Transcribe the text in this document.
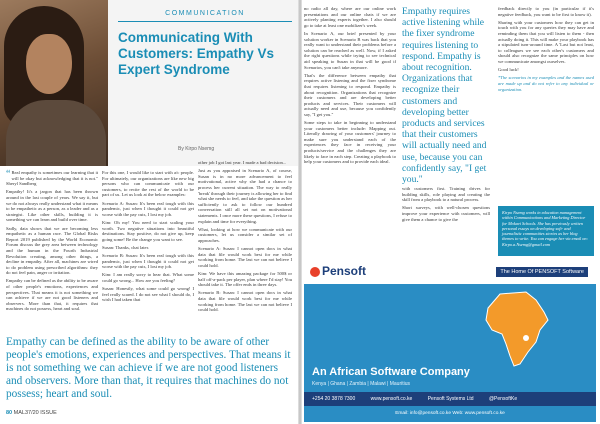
COMMUNICATION
Communicating With Customers: Empathy Vs Expert Syndrome
By Kirpo Nsemg

“ Real empathy is sometimes our learning that it will be okay but acknowledging that it is not." Sheryl Sandberg

Empathy! It's a jargon that has been thrown around in the last couple of years. We say it, but we do not always really understand what it means to be empathetic as a person, as a leader and as a strategist. Like other skills, building it is something we can learn and build over time.

Sadly, data shows that we are becoming less empathetic as a human race. The Global Risks Report 2019 published by the World Economic Forum discuss the grey area between technology and the human in the Fourth Industrial Revolution creating, among other things, a decline in empathy. After all, machines are wired to do problem using prescribed algorithms: they do not feel pain, anger or irritation.

Empathy can be defined as the ability to be aware of other people's emotions, experiences and perspectives. That means it is not something we can achieve if we are not good listeners and observers. More than that, it requires that machines do not possess, heart and soul.

For this one, I would like to start with a/c people. For ultimately, our organizations are like new big persons who can communicate with our customers, to recite the rest of the world to be part of us. Let us look at the below examples:

Scenario A: Susan: It's been real tough with this pandemic, just when I thought it could not get worse with the pay cuts, I lost my job.

Kim: Oh my! You need to start scaling your worth. Two negative situations into beautiful destinations. Stay positive, do not give up, keep going some! Be the change you want to see.

Susan: Thanks, chat later.

Scenario B: Susan: It's been real tough with this pandemic, just when I thought it could not get worse with the pay cuts, I lost my job.

Kim: I am really sorry to hear that. What some could go wrong... How are you feeling?

Susan: Honestly, what some could go wrong! I feel really scared. I do not see what I should do, I wish I had taken that

other job I got last year. I made a bad decision...

Just as you appraised in Scenario A, of course, Susan is in no more advancement to feel motivational, active why she had a chance to process her current situation. The way to really 'break' through their journey is allowing her to find what she needs to feel, and take the question as her sufficiently to ask to follow our hundred conversation still all set not on motivational statements. I once more these questions, I refuse to explain and time for everything.

What, looking at how we communicate with our customers, let us consider a similar set of approaches.

Scenario A: Susan: I cannot open docs in what data that file would work best for me while working from home. The last we can not believe I could hold.

Kim: We have this amazing package for 500$ or half off-a-pack per player, plan where I'd stay! You should take it. The offer ends in three days.

Scenario B: Susan: I cannot open docs in what data that file would work best for me while working from home. The last we can not believe I could hold.

Empathy can be defined as the ability to be aware of other people's emotions, experiences and perspectives. That means it is not something we can achieve if we are not good listeners and observers. More than that, it requires that machines do not possess; heart and soul.
80 MAL37/20 ISSUE

no radio all day, where are our online work presentations and our online chats if we are actively planting experts together. I also should go to take at least one mobilizer's week.

In Scenario A, our brief presented by your solution worker in Scenario B was back that you really want to understand their problems before a solution can be reached as well. Now, if I asked the right questions while trying to see technical aid speaking to Susan in that will be good if Scenarios, you can't take anymore.

That's the difference between empathy that requires active listening and the fixer syndrome that requires listening to respond. Empathy is about recognition. Organizations that recognize their customers and are developing better products and services. Their customers will actually need and use, because you confidently say, "I get you."

Some steps to take in beginning to understand your customers better include: Mapping out. Literally drawing of your customers' journey to make sure you understand each of the experiences they face in receiving your products/service and the challenges they are likely to face in each step. Creating a playbook to help your customers and to provide each ideal.

Empathy requires active listening while the fixer syndrome requires listening to respond. Empathy is about recognition. Organizations that recognize their customers and developing better products and services that their customers will actually need and use, because you can confidently say, "I get you."

with customers first. Training drives for building skills, role playing and creating the skill from a playbook to a natural process.

Short surveys, with well-chosen questions improve your experience with customers, will give them a chance to give the

feedback directly to you (in particular if it's negative feedback, you want to be first to know it).

Sharing with your customers how they can get in touch with you for any queries they may have and reminding them that you will listen to them - then actually doing it. This will make your playbook has a stipulated turn-around time. A 'Last but not least, to colleagues we see each other's customers and should also recognize the same principles on how we communicate amongst ourselves.

Good luck!

*The scenarios in my examples and the names used are made up and do not refer to any individual or organization.

Kirpo Nsemg works in education management within Communications and Marketing Director for Mokavi Schools. She has previously written personal essays on developing soft- and journalistic communities stories as her blog themes to write. You can engage her via email on: Kirpo.a.Nsemg@gmail.com
Pensoft	The Home Of PENSOFT Software
An African Software Company
Kenya | Ghana | Zambia | Malawi | Mauritius
+254 20 3878 7300	www.pensoft.co.ke	Pensoft Systems Ltd	@PensoftKe
Email: info@pensoft.co.ke Web: www.pensoft.co.ke
